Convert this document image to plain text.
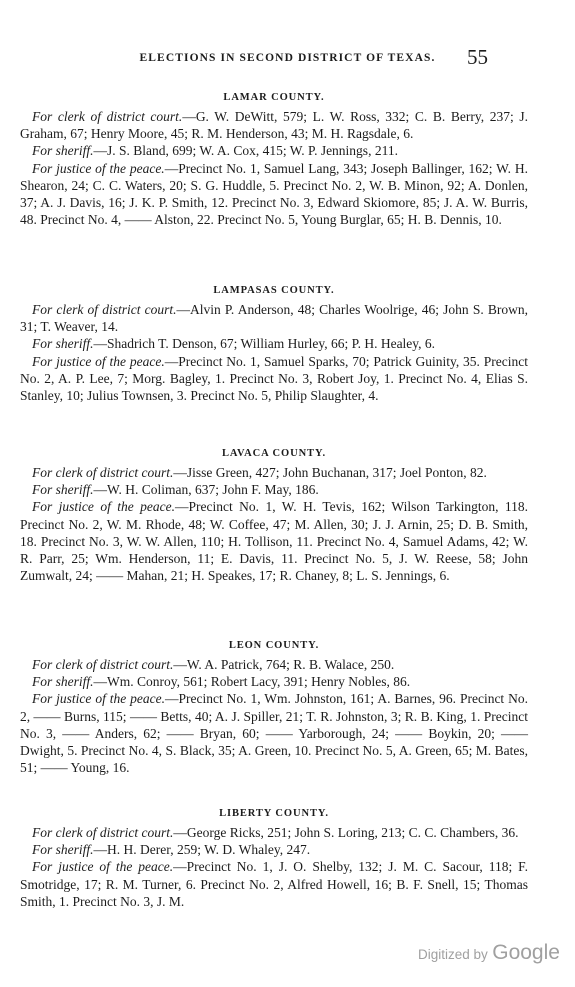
ELECTIONS IN SECOND DISTRICT OF TEXAS.	55
LAMAR COUNTY.

For clerk of district court.—G. W. DeWitt, 579; L. W. Ross, 332; C. B. Berry, 237; J. Graham, 67; Henry Moore, 45; R. M. Henderson, 43; M. H. Ragsdale, 6.

For sheriff.—J. S. Bland, 699; W. A. Cox, 415; W. P. Jennings, 211.

For justice of the peace.—Precinct No. 1, Samuel Lang, 343; Joseph Ballinger, 162; W. H. Shearon, 24; C. C. Waters, 20; S. G. Huddle, 5. Precinct No. 2, W. B. Minon, 92; A. Donlen, 37; A. J. Davis, 16; J. K. P. Smith, 12. Precinct No. 3, Edward Skiomore, 85; J. A. W. Burris, 48. Precinct No. 4, —— Alston, 22. Precinct No. 5, Young Burglar, 65; H. B. Dennis, 10.

LAMPASAS COUNTY.

For clerk of district court.—Alvin P. Anderson, 48; Charles Woolrige, 46; John S. Brown, 31; T. Weaver, 14.

For sheriff.—Shadrich T. Denson, 67; William Hurley, 66; P. H. Healey, 6.

For justice of the peace.—Precinct No. 1, Samuel Sparks, 70; Patrick Guinity, 35. Precinct No. 2, A. P. Lee, 7; Morg. Bagley, 1. Precinct No. 3, Robert Joy, 1. Precinct No. 4, Elias S. Stanley, 10; Julius Townsen, 3. Precinct No. 5, Philip Slaughter, 4.

LAVACA COUNTY.

For clerk of district court.—Jisse Green, 427; John Buchanan, 317; Joel Ponton, 82.

For sheriff.—W. H. Coliman, 637; John F. May, 186.

For justice of the peace.—Precinct No. 1, W. H. Tevis, 162; Wilson Tarkington, 118. Precinct No. 2, W. M. Rhode, 48; W. Coffee, 47; M. Allen, 30; J. J. Arnin, 25; D. B. Smith, 18. Precinct No. 3, W. W. Allen, 110; H. Tollison, 11. Precinct No. 4, Samuel Adams, 42; W. R. Parr, 25; Wm. Henderson, 11; E. Davis, 11. Precinct No. 5, J. W. Reese, 58; John Zumwalt, 24; —— Mahan, 21; H. Speakes, 17; R. Chaney, 8; L. S. Jennings, 6.

LEON COUNTY.

For clerk of district court.—W. A. Patrick, 764; R. B. Walace, 250.

For sheriff.—Wm. Conroy, 561; Robert Lacy, 391; Henry Nobles, 86.

For justice of the peace.—Precinct No. 1, Wm. Johnston, 161; A. Barnes, 96. Precinct No. 2, —— Burns, 115; —— Betts, 40; A. J. Spiller, 21; T. R. Johnston, 3; R. B. King, 1. Precinct No. 3, —— Anders, 62; —— Bryan, 60; —— Yarborough, 24; —— Boykin, 20; —— Dwight, 5. Precinct No. 4, S. Black, 35; A. Green, 10. Precinct No. 5, A. Green, 65; M. Bates, 51; —— Young, 16.

LIBERTY COUNTY.

For clerk of district court.—George Ricks, 251; John S. Loring, 213; C. C. Chambers, 36.

For sheriff.—H. H. Derer, 259; W. D. Whaley, 247.

For justice of the peace.—Precinct No. 1, J. O. Shelby, 132; J. M. C. Sacour, 118; F. Smotridge, 17; R. M. Turner, 6. Precinct No. 2, Alfred Howell, 16; B. F. Snell, 15; Thomas Smith, 1. Precinct No. 3, J. M.

Digitized by Google
